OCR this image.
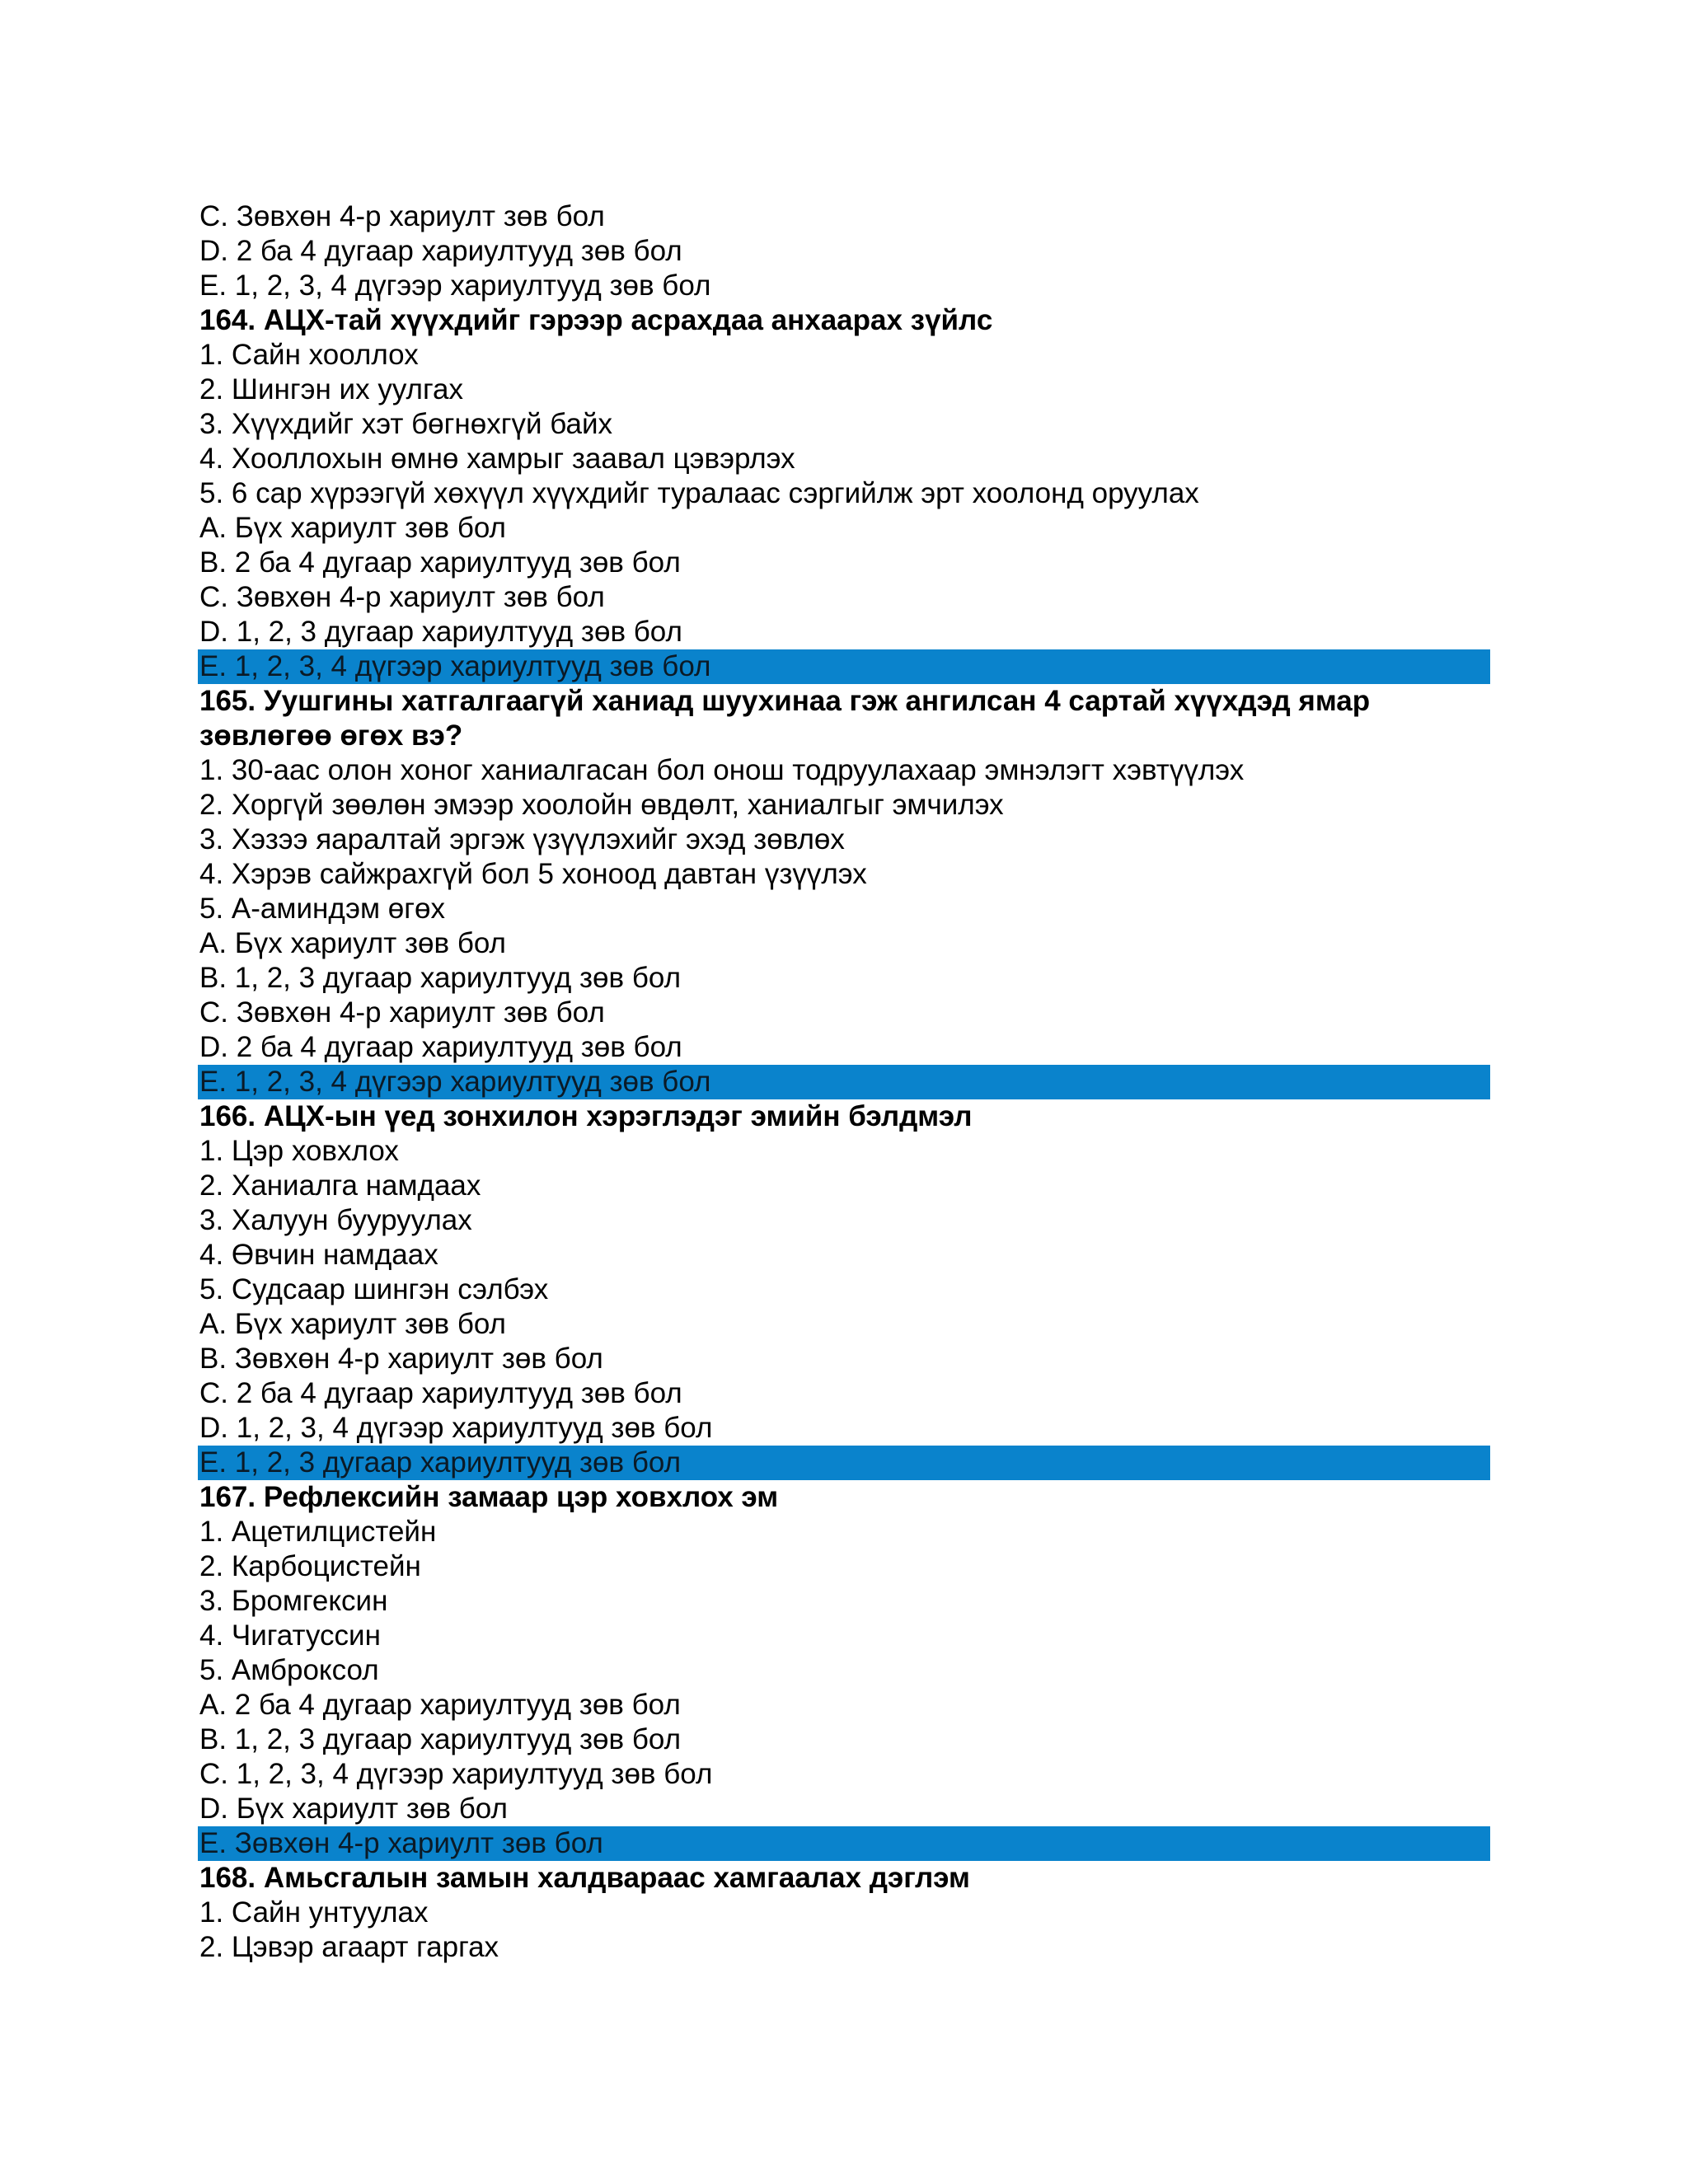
C. Зөвхөн 4-р хариулт зөв бол
D. 2 ба 4 дугаар хариултууд зөв бол
E. 1, 2, 3, 4 дүгээр хариултууд зөв бол
164. АЦХ-тай хүүхдийг гэрээр асрахдаа анхаарах зүйлс
1. Сайн хооллох
2. Шингэн их уулгах
3. Хүүхдийг хэт бөгнөхгүй байх
4. Хооллохын өмнө хамрыг заавал цэвэрлэх
5. 6 сар хүрээгүй хөхүүл хүүхдийг туралаас сэргийлж эрт хоолонд оруулах
A. Бүх хариулт зөв бол
B. 2 ба 4 дугаар хариултууд зөв бол
C. Зөвхөн 4-р хариулт зөв бол
D. 1, 2, 3 дугаар хариултууд зөв бол
E. 1, 2, 3, 4 дүгээр хариултууд зөв бол
165. Уушгины хатгалгаагүй ханиад шуухинаа гэж ангилсан 4 сартай хүүхдэд ямар
зөвлөгөө өгөх вэ?
1. 30-аас олон хоног ханиалгасан бол онош тодруулахаар эмнэлэгт хэвтүүлэх
2. Хоргүй зөөлөн эмээр хоолойн өвдөлт, ханиалгыг эмчилэх
3. Хэзээ яаралтай эргэж үзүүлэхийг эхэд зөвлөх
4. Хэрэв сайжрахгүй бол 5 хоноод давтан үзүүлэх
5. А-аминдэм өгөх
A. Бүх хариулт зөв бол
B. 1, 2, 3 дугаар хариултууд зөв бол
C. Зөвхөн 4-р хариулт зөв бол
D. 2 ба 4 дугаар хариултууд зөв бол
E. 1, 2, 3, 4 дүгээр хариултууд зөв бол
166. АЦХ-ын үед зонхилон хэрэглэдэг эмийн бэлдмэл
1. Цэр ховхлох
2. Ханиалга намдаах
3. Халуун бууруулах
4. Өвчин намдаах
5. Судсаар шингэн сэлбэх
A. Бүх хариулт зөв бол
B. Зөвхөн 4-р хариулт зөв бол
C. 2 ба 4 дугаар хариултууд зөв бол
D. 1, 2, 3, 4 дүгээр хариултууд зөв бол
E. 1, 2, 3 дугаар хариултууд зөв бол
167. Рефлексийн замаар цэр ховхлох эм
1. Ацетилцистейн
2. Карбоцистейн
3. Бромгексин
4. Чигатуссин
5. Амброксол
A. 2 ба 4 дугаар хариултууд зөв бол
B. 1, 2, 3 дугаар хариултууд зөв бол
C. 1, 2, 3, 4 дүгээр хариултууд зөв бол
D. Бүх хариулт зөв бол
E. Зөвхөн 4-р хариулт зөв бол
168. Амьсгалын замын халдвараас хамгаалах дэглэм
1. Сайн унтуулах
2. Цэвэр агаарт гаргах
